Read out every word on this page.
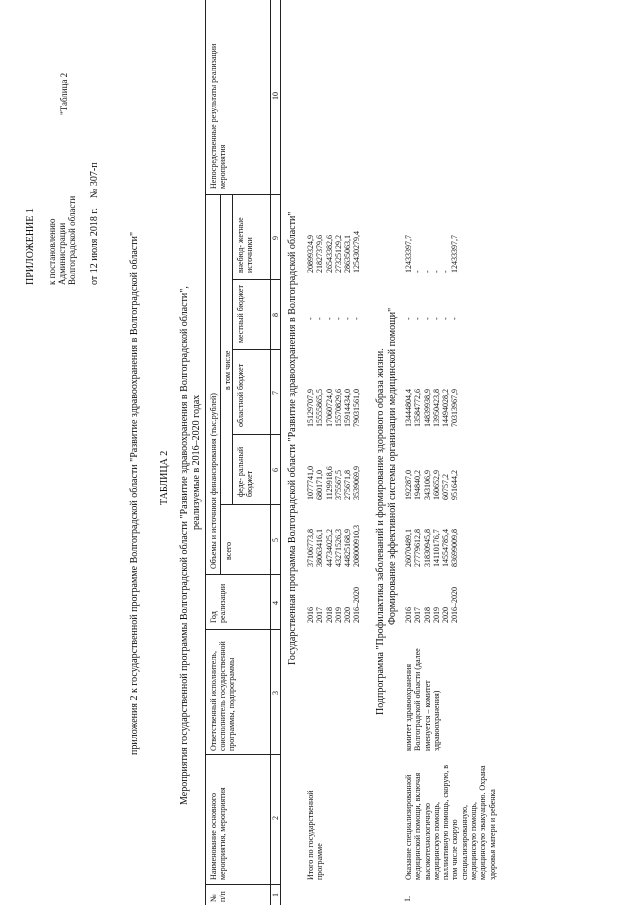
ПРИЛОЖЕНИЕ 1 к постановлению Администрации Волгоградской области от 12 июля 2018 г.    № 307-п
"Таблица 2
приложения 2 к государственной программе Волгоградской области "Развитие здравоохранения в Волгоградской области" ТАБЛИЦА 2 Мероприятия государственной программы Волгоградской области "Развитие здравоохранения в Волгоградской области", реализуемые в 2016–2020 годах
№ п/п
Наименование основного мероприятия, мероприятия
Ответственный исполнитель, соисполнитель государственной программы, подпрограммы
Год реализации
Объемы и источники финансирования (тыс.рублей) всего
в том числе
феде- ральный бюджет
областной бюджет
местный бюджет
внебюд- жетные источники
Непосредственные результаты реализации мероприятия
1
2
3
4
5
6
7
8
9
10
Государственная программа Волгоградской области "Развитие здравоохранения в Волгоградской области"
Итого по государственной программе
2016 2017 2018 2019 2020 2016–2020
37106773,8 38063416,1 44734025,2 43271526,3 44825168,9 208000910,3
1077741,0 680171,0 1129918,6 375567,5 275671,8 3539069,9
15129707,9 15555865,5 17060724,0 15570829,6 15914434,0 79031561,0
- - - - - -
20899324,9 21827379,6 26543382,6 27325129,2 28635063,1 125430279,4
Подпрограмма "Профилактика заболеваний и формирование здорового образа жизни. Формирование эффективной системы организации медицинской помощи"
1.
Оказание специализированной медицинской помощи, включая высокотехнологичную медицинскую помощь, паллиативную помощь, скорую, в том числе скорую специализированную, медицинскую помощь, медицинскую эвакуацию. Охрана здоровья матери и ребенка
комитет здравоохранения Волгоградской области (далее именуется – комитет здравоохранения)
2016 2017 2018 2019 2020 2016–2020
26070489,1 27779612,8 31830945,8 14110176,7 14554785,4 83699009,8
192287,0 194840,2 343106,9 160652,9 60757,2 951644,2
13444804,4 13584772,6 14839938,9 13950423,8 14494028,2 70313967,9
- - - - - -
12433397,7 - - - - 12433397,7
